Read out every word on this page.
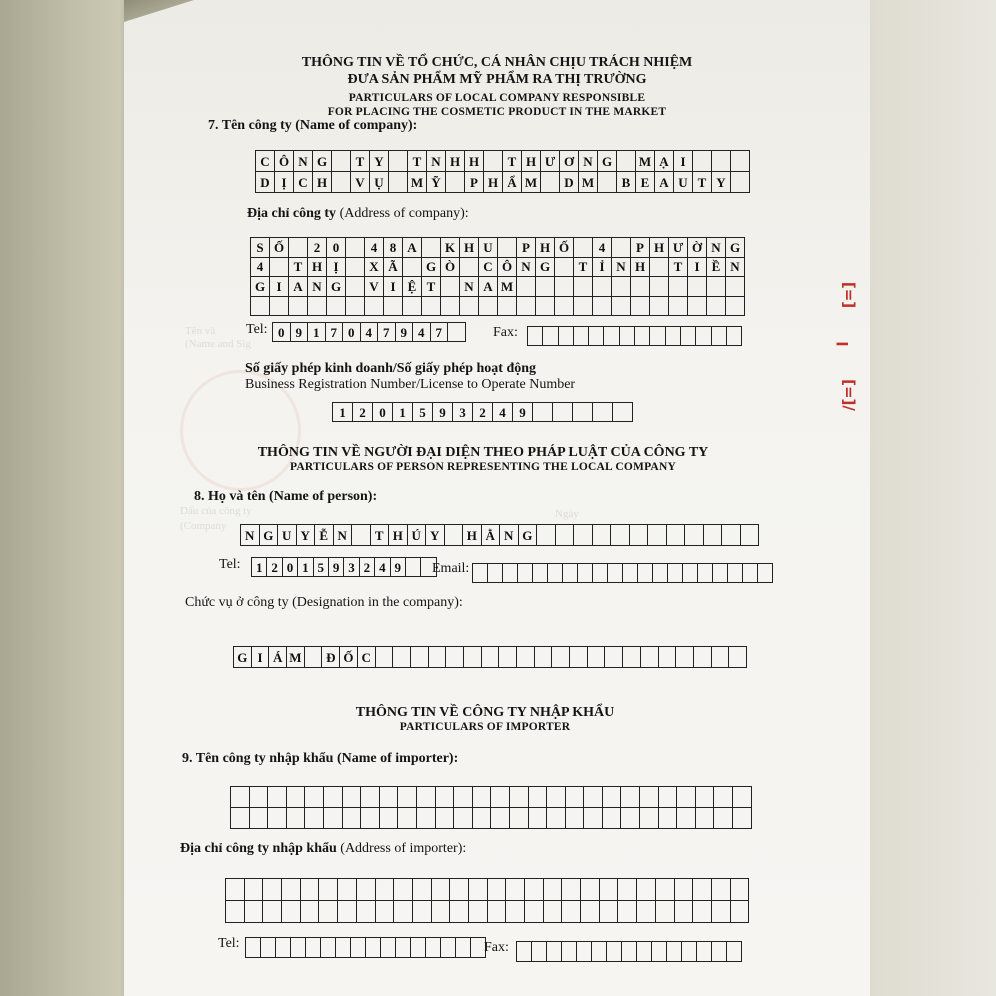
Dấu của công ty
(Company
Ngày
Tên và
(Name and Sig
THÔNG TIN VỀ TỔ CHỨC, CÁ NHÂN CHỊU TRÁCH NHIỆM
ĐƯA SẢN PHẨM MỸ PHẨM RA THỊ TRƯỜNG
PARTICULARS OF LOCAL COMPANY RESPONSIBLE
FOR PLACING THE COSMETIC PRODUCT IN THE MARKET
7. Tên công ty (Name of company):
C	Ô	N	G		T	Y		T	N	H	H		T	H	Ư	Ơ	N	G		M	Ạ	I			
D	Ị	C	H		V	Ụ		M	Ỹ		P	H	Ẩ	M		D	M		B	E	A	U	T	Y	
Địa chỉ công ty (Address of company):
S	Ố		2	0		4	8	A		K	H	U		P	H	Ố		4		P	H	Ư	Ờ	N	G
4		T	H	Ị		X	Ã		G	Ò		C	Ô	N	G		T	Ỉ	N	H		T	I	Ề	N
G	I	A	N	G		V	I	Ệ	T		N	A	M												

Tel: 0	9	1	7	0	4	7	9	4	7		Fax:

Số giấy phép kinh doanh/Số giấy phép hoạt động
Business Registration Number/License to Operate Number
1	2	0	1	5	9	3	2	4	9					
THÔNG TIN VỀ NGƯỜI ĐẠI DIỆN THEO PHÁP LUẬT CỦA CÔNG TY
PARTICULARS OF PERSON REPRESENTING THE LOCAL COMPANY
8. Họ và tên (Name of person):
N	G	U	Y	Ễ	N		T	H	Ú	Y		H	Ằ	N	G												
Tel: 1	2	0	1	5	9	3	2	4	9		Email:

Chức vụ ở công ty (Designation in the company):
G	I	Á	M		Đ	Ố	C																					
THÔNG TIN VỀ CÔNG TY NHẬP KHẨU
PARTICULARS OF IMPORTER
9. Tên công ty nhập khẩu (Name of importer):

Địa chỉ công ty nhập khẩu (Address of importer):

Tel:
																Fax:

[=]
ꞁ
[=]/
